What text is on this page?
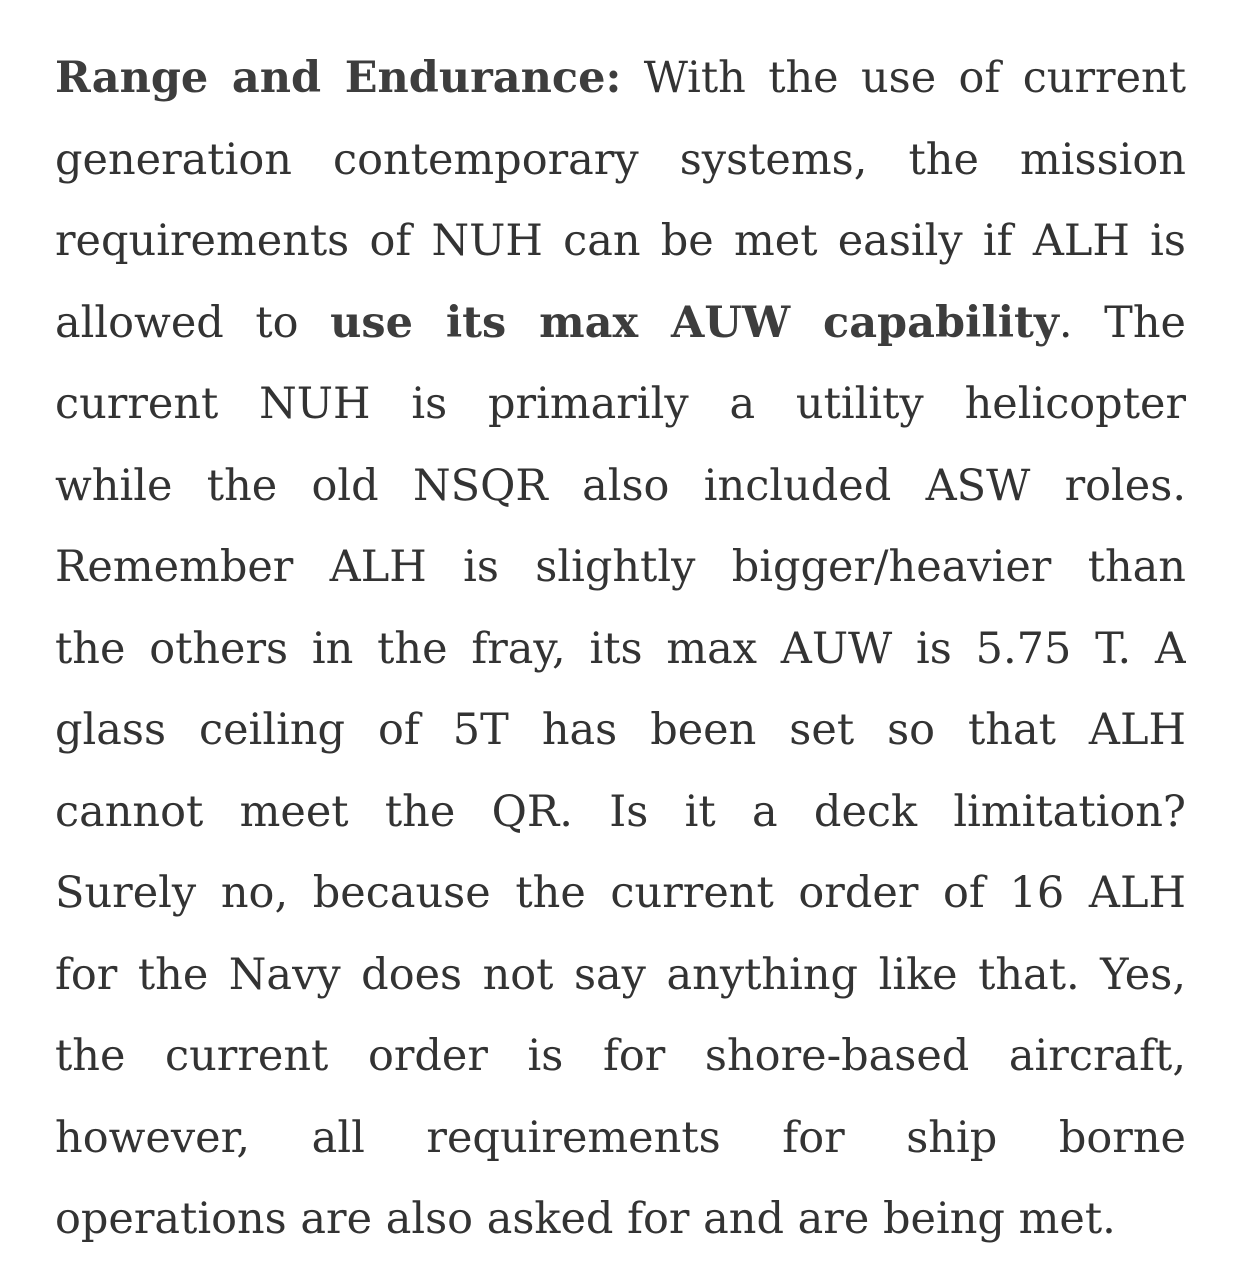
Range and Endurance: With the use of current
generation contemporary systems, the mission
requirements of NUH can be met easily if ALH is
allowed to use its max AUW capability. The
current NUH is primarily a utility helicopter
while the old NSQR also included ASW roles.
Remember ALH is slightly bigger/heavier than
the others in the fray, its max AUW is 5.75 T. A
glass ceiling of 5T has been set so that ALH
cannot meet the QR. Is it a deck limitation?
Surely no, because the current order of 16 ALH
for the Navy does not say anything like that. Yes,
the current order is for shore-based aircraft,
however, all requirements for ship borne
operations are also asked for and are being met.
